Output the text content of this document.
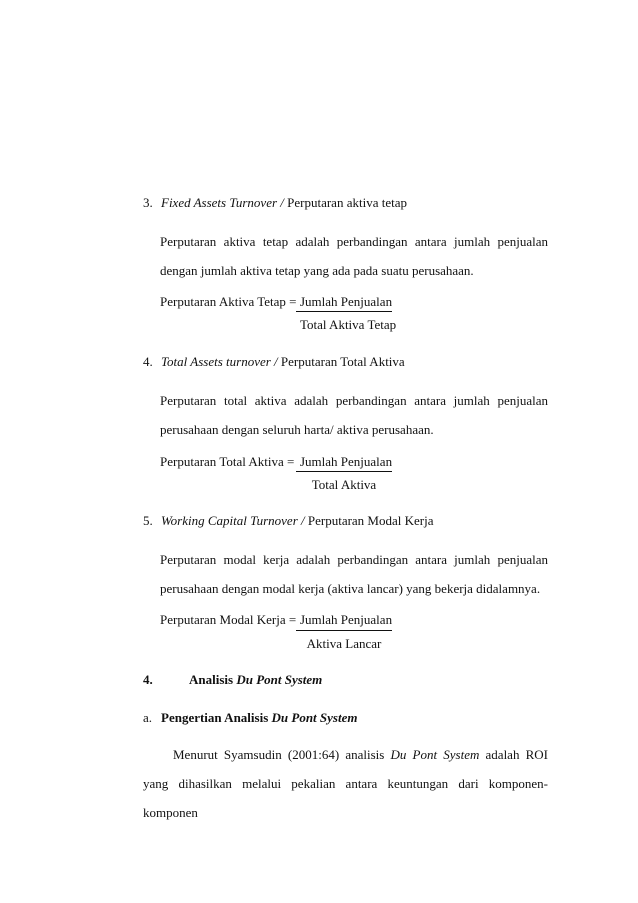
3. Fixed Assets Turnover / Perputaran aktiva tetap
Perputaran aktiva tetap adalah perbandingan antara jumlah penjualan dengan jumlah aktiva tetap yang ada pada suatu perusahaan.
Perputaran Aktiva Tetap = Jumlah Penjualan
Total Aktiva Tetap
4. Total Assets turnover / Perputaran Total Aktiva
Perputaran total aktiva adalah perbandingan antara jumlah penjualan perusahaan dengan seluruh harta/ aktiva perusahaan.
Perputaran Total Aktiva = Jumlah Penjualan
Total Aktiva
5. Working Capital Turnover / Perputaran Modal Kerja
Perputaran modal kerja adalah perbandingan antara jumlah penjualan perusahaan dengan modal kerja (aktiva lancar) yang bekerja didalamnya.
Perputaran Modal Kerja = Jumlah Penjualan
Aktiva Lancar
4.	Analisis Du Pont System
a. Pengertian Analisis Du Pont System
Menurut Syamsudin (2001:64) analisis Du Pont System adalah ROI yang dihasilkan melalui pekalian antara keuntungan dari komponen-komponen
